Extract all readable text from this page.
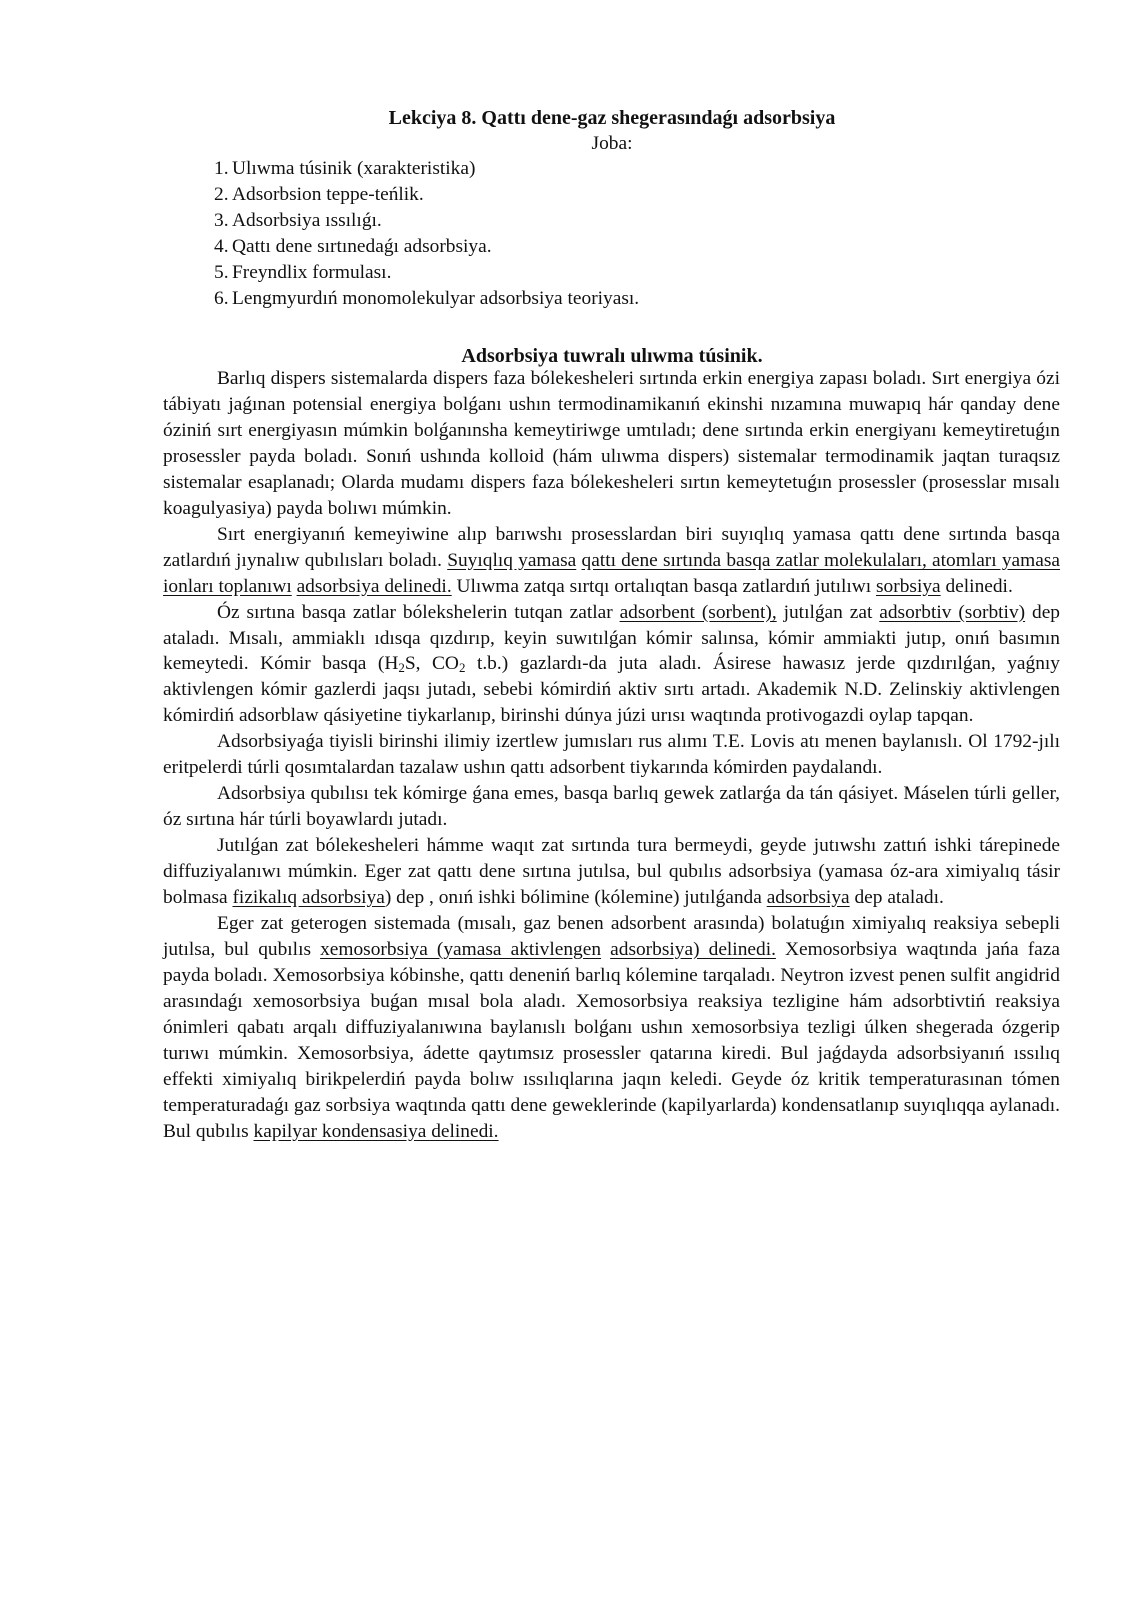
Lekciya 8. Qattı dene-gaz shegerasındaǵı adsorbsiya
Joba:
1. Ulıwma túsinik (xarakteristika)
2. Adsorbsion teppe-teńlik.
3. Adsorbsiya ıssılıǵı.
4. Qattı dene sırtınedaǵı adsorbsiya.
5. Freyndlix formulası.
6. Lengmyurdıń monomolekulyar adsorbsiya teoriyası.
Adsorbsiya tuwralı ulıwma túsinik.

Barlıq dispers sistemalarda dispers faza bólekesheleri sırtında erkin energiya zapası boladı. Sırt energiya ózi tábiyatı jaǵınan potensial energiya bolǵanı ushın termodinamikanıń ekinshi nızamına muwapıq hár qanday dene óziniń sırt energiyasın múmkin bolǵanınsha kemeytiriwge umtıladı; dene sırtında erkin energiyanı kemeytiretuǵın prosessler payda boladı. Sonıń ushında kolloid (hám ulıwma dispers) sistemalar termodinamik jaqtan turaqsız sistemalar esaplanadı; Olarda mudamı dispers faza bólekesheleri sırtın kemeytetuǵın prosessler (prosesslar mısalı koagulyasiya) payda bolıwı múmkin.

Sırt energiyanıń kemeyiwine alıp barıwshı prosesslardan biri suyıqlıq yamasa qattı dene sırtında basqa zatlardıń jıynalıw qubılısları boladı. Suyıqlıq yamasa qattı dene sırtında basqa zatlar molekulaları, atomları yamasa ionları toplanıwı adsorbsiya delinedi. Ulıwma zatqa sırtqı ortalıqtan basqa zatlardıń jutılıwı sorbsiya delinedi.

Óz sırtına basqa zatlar bólekshelerin tutqan zatlar adsorbent (sorbent), jutılǵan zat adsorbtiv (sorbtiv) dep ataladı. Mısalı, ammiaklı ıdısqa qızdırıp, keyin suwıtılǵan kómir salınsa, kómir ammiakti jutıp, onıń basımın kemeytedi. Kómir basqa ($H_2S$, $CO_2$ t.b.) gazlardı-da juta aladı. Ásirese hawasız jerde qızdırılǵan, yaǵnıy aktivlengen kómir gazlerdi jaqsı jutadı, sebebi kómirdiń aktiv sırtı artadı. Akademik N.D. Zelinskiy aktivlengen kómirdiń adsorblaw qásiyetine tiykarlanıp, birinshi dúnya júzi urısı waqtında protivogazdi oylap tapqan.

Adsorbsiyaǵa tiyisli birinshi ilimiy izertlew jumısları rus alımı T.E. Lovis atı menen baylanıslı. Ol 1792-jılı eritpelerdi túrli qosımtalardan tazalaw ushın qattı adsorbent tiykarında kómirden paydalandı.

Adsorbsiya qubılısı tek kómirge ǵana emes, basqa barlıq gewek zatlarǵa da tán qásiyet. Máselen túrli geller, óz sırtına hár túrli boyawlardı jutadı.

Jutılǵan zat bólekesheleri hámme waqıt zat sırtında tura bermeydi, geyde jutıwshı zattıń ishki tárepinede diffuziyalanıwı múmkin. Eger zat qattı dene sırtına jutılsa, bul qubılıs adsorbsiya (yamasa óz-ara ximiyalıq tásir bolmasa fizikalıq adsorbsiya) dep , onıń ishki bólimine (kólemine) jutılǵanda adsorbsiya dep ataladı.

Eger zat geterogen sistemada (mısalı, gaz benen adsorbent arasında) bolatuǵın ximiyalıq reaksiya sebepli jutılsa, bul qubılıs xemosorbsiya (yamasa aktivlengen adsorbsiya) delinedi. Xemosorbsiya waqtında jańa faza payda boladı. Xemosorbsiya kóbinshe, qattı deneniń barlıq kólemine tarqaladı. Neytron izvest penen sulfit angidrid arasındaǵı xemosorbsiya buǵan mısal bola aladı. Xemosorbsiya reaksiya tezligine hám adsorbtivtiń reaksiya ónimleri qabatı arqalı diffuziyalanıwına baylanıslı bolǵanı ushın xemosorbsiya tezligi úlken shegerada ózgerip turıwı múmkin. Xemosorbsiya, ádette qaytımsız prosessler qatarına kiredi. Bul jaǵdayda adsorbsiyanıń ıssılıq effekti ximiyalıq birikpelerdiń payda bolıw ıssılıqlarına jaqın keledi. Geyde óz kritik temperaturasınan tómen temperaturadaǵı gaz sorbsiya waqtında qattı dene geweklerinde (kapilyarlarda) kondensatlanıp suyıqlıqqa aylanadı. Bul qubılıs kapilyar kondensasiya delinedi.
